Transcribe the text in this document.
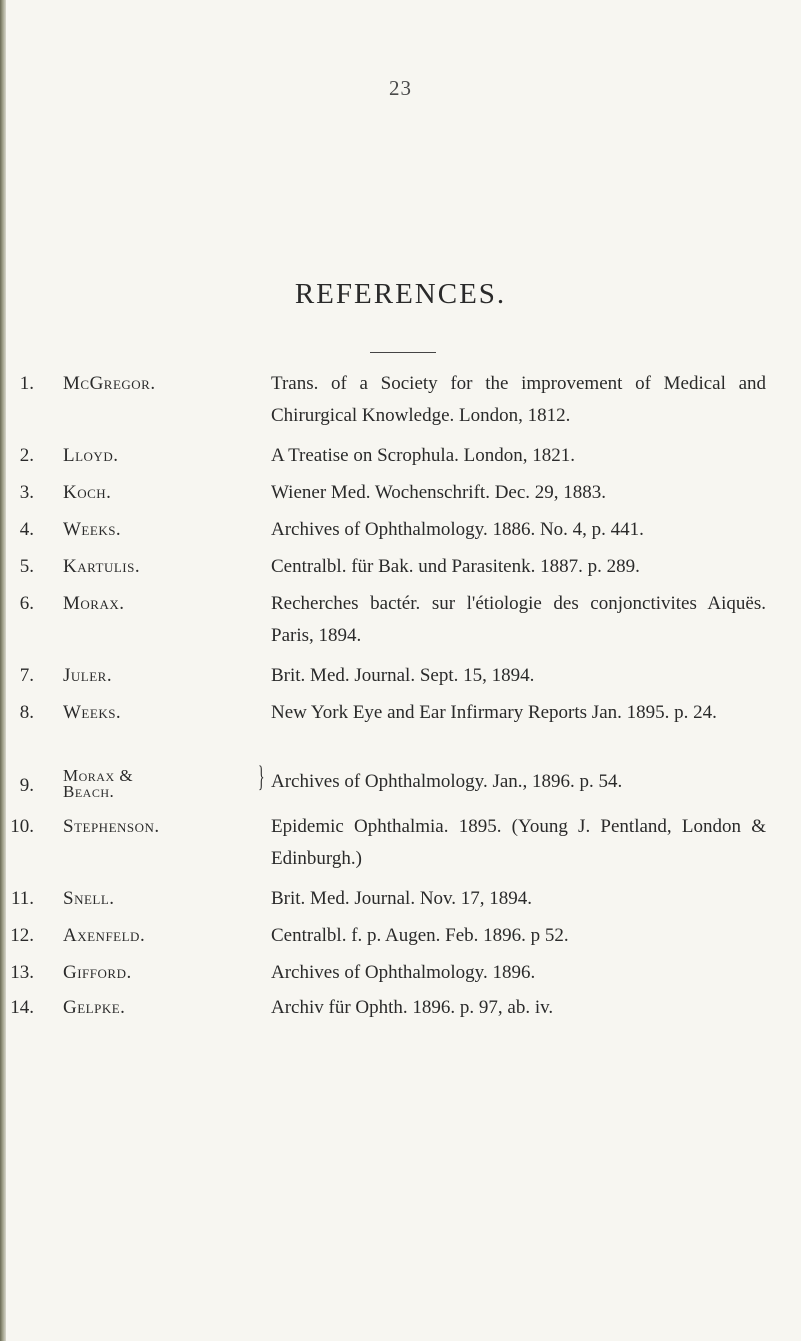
23
REFERENCES.
1. McGregor.	Trans. of a Society for the improvement of Medical and Chirurgical Knowledge. London, 1812.
2. Lloyd.	A Treatise on Scrophula. London, 1821.
3. Koch.	Wiener Med. Wochenschrift. Dec. 29, 1883.
4. Weeks.	Archives of Ophthalmology. 1886. No. 4, p. 441.
5. Kartulis.	Centralbl. für Bak. und Parasitenk. 1887. p. 289.
6. Morax.	Recherches bactér. sur l'étiologie des conjonctivites Aiquës. Paris, 1894.
7. Juler.	Brit. Med. Journal. Sept. 15, 1894.
8. Weeks.	New York Eye and Ear Infirmary Reports Jan. 1895. p. 24.
9. Morax &
Beach.	} Archives of Ophthalmology. Jan., 1896. p. 54.
10. Stephenson.	Epidemic Ophthalmia. 1895. (Young J. Pentland, London & Edinburgh.)
11. Snell.	Brit. Med. Journal. Nov. 17, 1894.
12. Axenfeld.	Centralbl. f. p. Augen. Feb. 1896. p 52.
13. Gifford.	Archives of Ophthalmology. 1896.
14. Gelpke.	Archiv für Ophth. 1896. p. 97, ab. iv.
